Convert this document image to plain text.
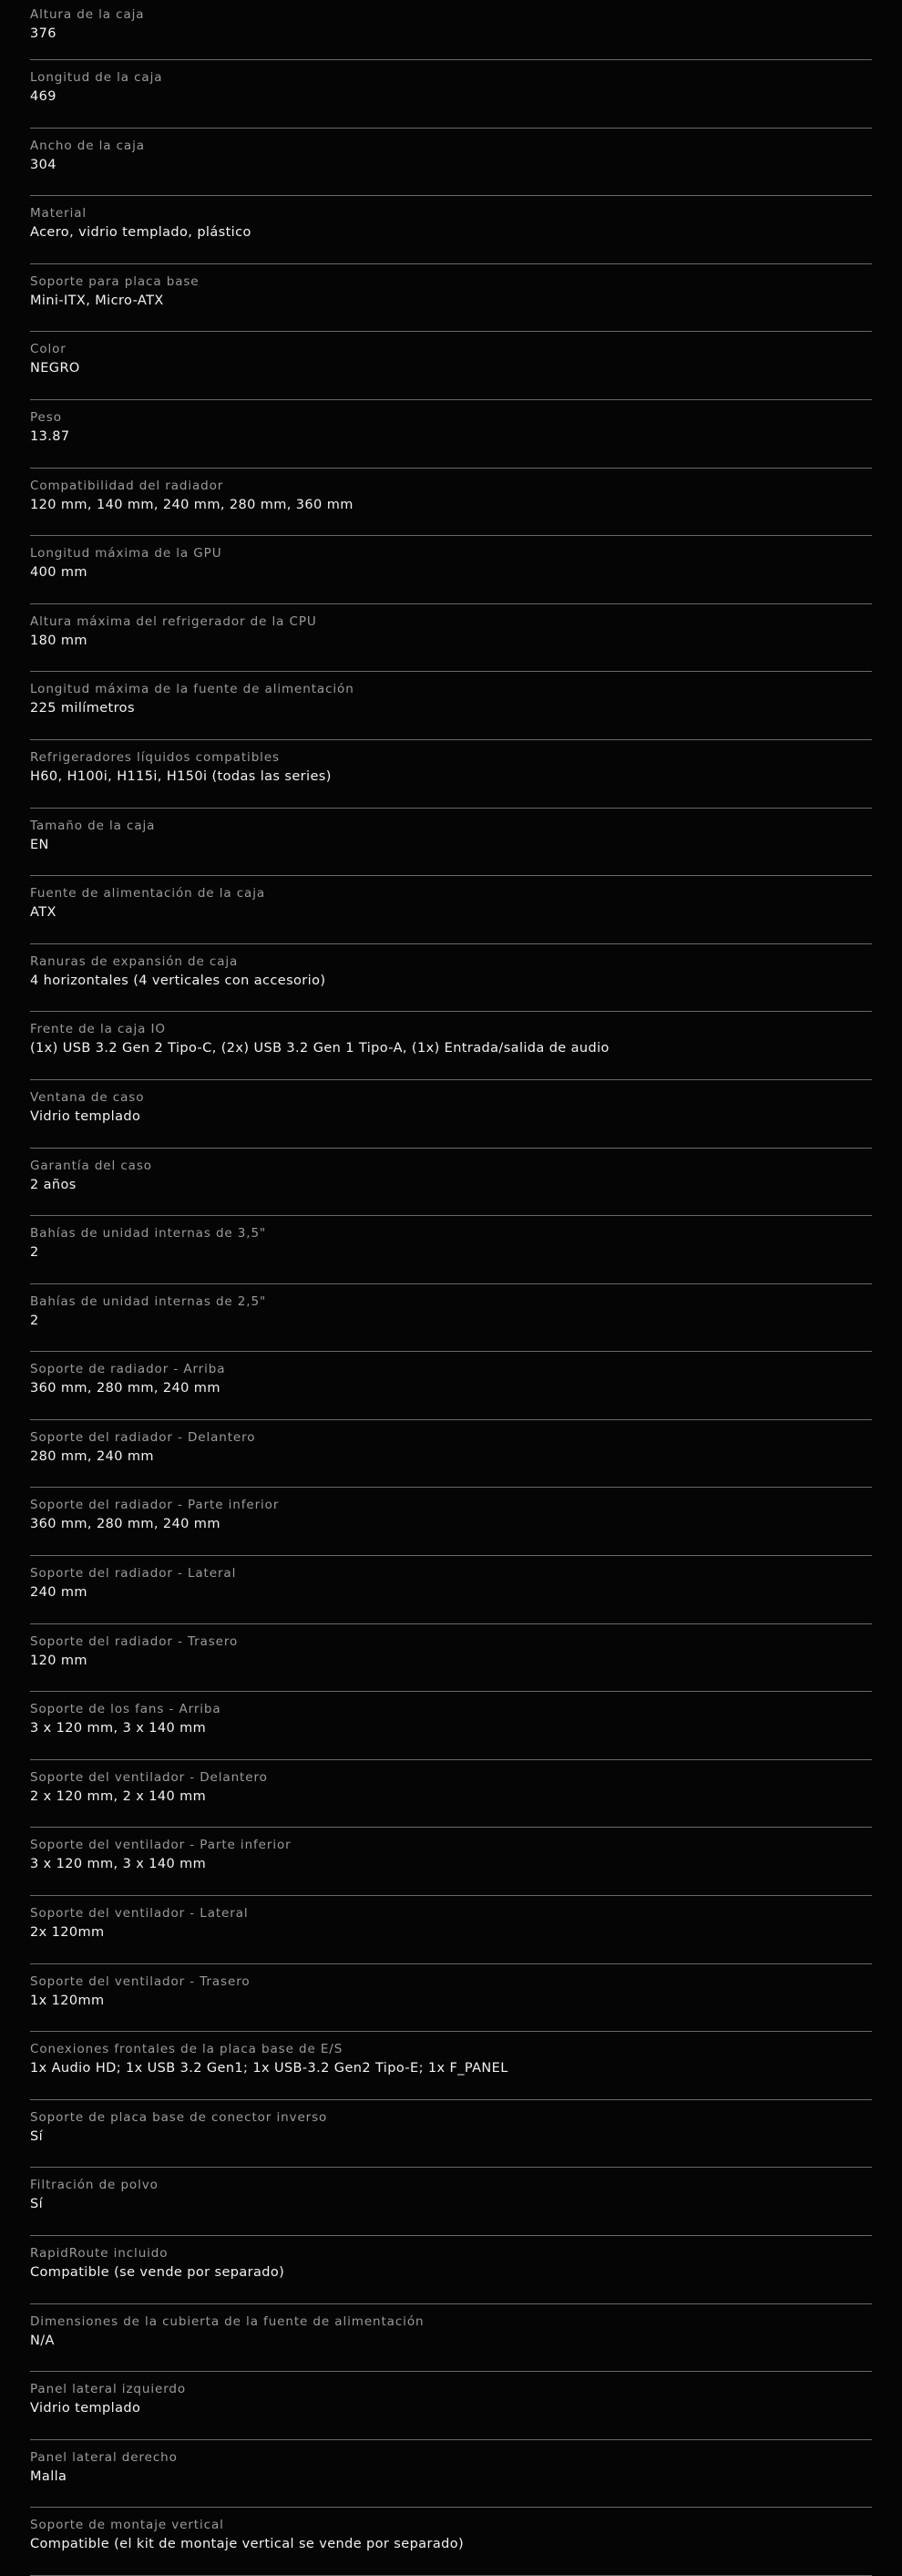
Altura de la caja
376
Longitud de la caja
469
Ancho de la caja
304
Material
Acero, vidrio templado, plástico
Soporte para placa base
Mini-ITX, Micro-ATX
Color
NEGRO
Peso
13.87
Compatibilidad del radiador
120 mm, 140 mm, 240 mm, 280 mm, 360 mm
Longitud máxima de la GPU
400 mm
Altura máxima del refrigerador de la CPU
180 mm
Longitud máxima de la fuente de alimentación
225 milímetros
Refrigeradores líquidos compatibles
H60, H100i, H115i, H150i (todas las series)
Tamaño de la caja
EN
Fuente de alimentación de la caja
ATX
Ranuras de expansión de caja
4 horizontales (4 verticales con accesorio)
Frente de la caja IO
(1x) USB 3.2 Gen 2 Tipo-C, (2x) USB 3.2 Gen 1 Tipo-A, (1x) Entrada/salida de audio
Ventana de caso
Vidrio templado
Garantía del caso
2 años
Bahías de unidad internas de 3,5"
2
Bahías de unidad internas de 2,5"
2
Soporte de radiador - Arriba
360 mm, 280 mm, 240 mm
Soporte del radiador - Delantero
280 mm, 240 mm
Soporte del radiador - Parte inferior
360 mm, 280 mm, 240 mm
Soporte del radiador - Lateral
240 mm
Soporte del radiador - Trasero
120 mm
Soporte de los fans - Arriba
3 x 120 mm, 3 x 140 mm
Soporte del ventilador - Delantero
2 x 120 mm, 2 x 140 mm
Soporte del ventilador - Parte inferior
3 x 120 mm, 3 x 140 mm
Soporte del ventilador - Lateral
2x 120mm
Soporte del ventilador - Trasero
1x 120mm
Conexiones frontales de la placa base de E/S
1x Audio HD; 1x USB 3.2 Gen1; 1x USB-3.2 Gen2 Tipo-E; 1x F_PANEL
Soporte de placa base de conector inverso
Sí
Filtración de polvo
Sí
RapidRoute incluido
Compatible (se vende por separado)
Dimensiones de la cubierta de la fuente de alimentación
N/A
Panel lateral izquierdo
Vidrio templado
Panel lateral derecho
Malla
Soporte de montaje vertical
Compatible (el kit de montaje vertical se vende por separado)
